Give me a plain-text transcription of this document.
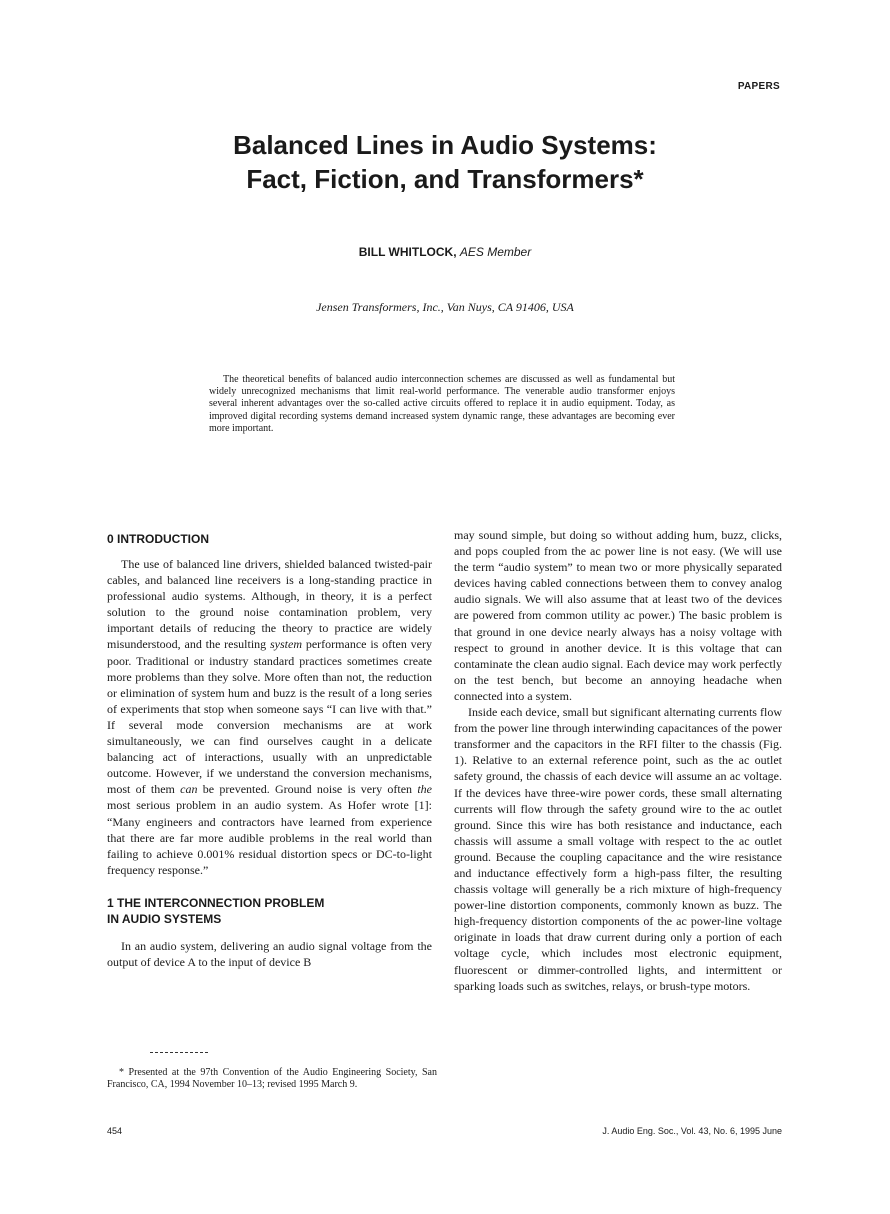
PAPERS
Balanced Lines in Audio Systems:
Fact, Fiction, and Transformers*
BILL WHITLOCK, AES Member
Jensen Transformers, Inc., Van Nuys, CA 91406, USA
The theoretical benefits of balanced audio interconnection schemes are discussed as well as fundamental but widely unrecognized mechanisms that limit real-world performance. The venerable audio transformer enjoys several inherent advantages over the so-called active circuits offered to replace it in audio equipment. Today, as improved digital recording systems demand increased system dynamic range, these advantages are becoming ever more important.

0 INTRODUCTION

The use of balanced line drivers, shielded balanced twisted-pair cables, and balanced line receivers is a long-standing practice in professional audio systems. Although, in theory, it is a perfect solution to the ground noise contamination problem, very important details of reducing the theory to practice are widely misunderstood, and the resulting system performance is often very poor. Traditional or industry standard practices sometimes create more problems than they solve. More often than not, the reduction or elimination of system hum and buzz is the result of a long series of experiments that stop when someone says “I can live with that.” If several mode conversion mechanisms are at work simultaneously, we can find ourselves caught in a delicate balancing act of interactions, usually with an unpredictable outcome. However, if we understand the conversion mechanisms, most of them can be prevented. Ground noise is very often the most serious problem in an audio system. As Hofer wrote [1]: “Many engineers and contractors have learned from experience that there are far more audible problems in the real world than failing to achieve 0.001% residual distortion specs or DC-to-light frequency response.”

1 THE INTERCONNECTION PROBLEM
IN AUDIO SYSTEMS

In an audio system, delivering an audio signal voltage from the output of device A to the input of device B

may sound simple, but doing so without adding hum, buzz, clicks, and pops coupled from the ac power line is not easy. (We will use the term “audio system” to mean two or more physically separated devices having cabled connections between them to convey analog audio signals. We will also assume that at least two of the devices are powered from common utility ac power.) The basic problem is that ground in one device nearly always has a noisy voltage with respect to ground in another device. It is this voltage that can contaminate the clean audio signal. Each device may work perfectly on the test bench, but become an annoying headache when connected into a system.

Inside each device, small but significant alternating currents flow from the power line through interwinding capacitances of the power transformer and the capacitors in the RFI filter to the chassis (Fig. 1). Relative to an external reference point, such as the ac outlet safety ground, the chassis of each device will assume an ac voltage. If the devices have three-wire power cords, these small alternating currents will flow through the safety ground wire to the ac outlet ground. Since this wire has both resistance and inductance, each chassis will assume a small voltage with respect to the ac outlet ground. Because the coupling capacitance and the wire resistance and inductance effectively form a high-pass filter, the resulting chassis voltage will generally be a rich mixture of high-frequency power-line distortion components, commonly known as buzz. The high-frequency distortion components of the ac power-line voltage originate in loads that draw current during only a portion of each voltage cycle, which includes most electronic equipment, fluorescent or dimmer-controlled lights, and intermittent or sparking loads such as switches, relays, or brush-type motors.

* Presented at the 97th Convention of the Audio Engineering Society, San Francisco, CA, 1994 November 10–13; revised 1995 March 9.
454	J. Audio Eng. Soc., Vol. 43, No. 6, 1995 June
